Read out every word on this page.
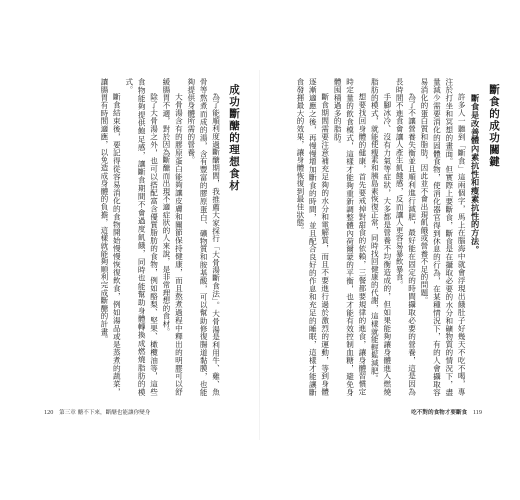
成功斷醣的理想食材

為了能順利度過斷醣期間，我推薦大家採行「大骨湯斷食法」。大骨湯是利用牛、雞、魚骨等熬煮而成的湯，含有豐富的膠原蛋白、礦物質和胺基酸，可以幫助修復腸道黏膜，也能夠提供身體所需的營養。

大骨湯含有的膠原蛋白能夠讓皮膚和關節保持健康，而且熬煮過程中釋出的明膠可以舒緩腸胃不適，對於因為斷醣而出現不適症狀的人來說，是非常理想的食材。

除了大骨湯之外，也可以搭配富含優質脂肪的食物，例如酪梨、堅果、橄欖油等，這些食物能夠提供飽足感，讓斷食期間不會過度飢餓，同時也能幫助身體轉換成燃燒脂肪的模式。

斷食結束後，要記得從容易消化的食物開始慢慢恢復飲食，例如湯品或是蒸煮的蔬菜，讓腸胃有時間適應，以免造成身體的負擔，這樣就能夠順利完成斷醣的計畫。

120 第三章 醣不下來，斷醣也能讓你變身

斷食的成功關鍵

斷食是改善體內素抗性和瘦素抗性的方法。

許多人一聽到「斷食」這兩個字，馬上在腦海中就會浮現出餓肚子好幾天不吃不喝，專注於打坐和冥想的畫面。但實際上要斷食，斷食是在攝取必要的水分和礦物質的情況下，盡量減少需要消化的固體食物，使消化器官得到休息的行為，在某種情況下，有的人會攝取容易消化的蛋白質和脂肪，因此並不會出現飢餓或營養不足的問題。

為了不讓營養失衡並且順利進行減肥，最好能在固定的時間攝取必要的營養，這是因為長時間不進食會讓人產生飢餓感，反而讓人更容易暴飲暴食。

手腳冰冷、沒有力氣等症狀，大多都是營養不均衡造成的，但如果能夠讓身體進入燃燒脂肪的模式，就能使瘦素和胰島素恢復正常，同時找回健康的代謝，這樣就能輕鬆減肥。

想要找回身體的健康，首先要戒掉對甜食的依賴，三餐都要規律的進食，讓身體習慣定時定量的飲食模式，這樣才能夠重新調整體內荷爾蒙的平衡，也才能有效控制血糖，避免身體囤積過多的脂肪。

斷食期間需要注意補充足夠的水分和電解質，而且不要進行過於激烈的運動，等到身體逐漸適應之後，再慢慢增加斷食的時間，並且配合良好的作息和充足的睡眠，這樣才能讓斷食發揮最大的效果，讓身體恢復到最佳狀態。

吃不對的食物才要斷食 119
